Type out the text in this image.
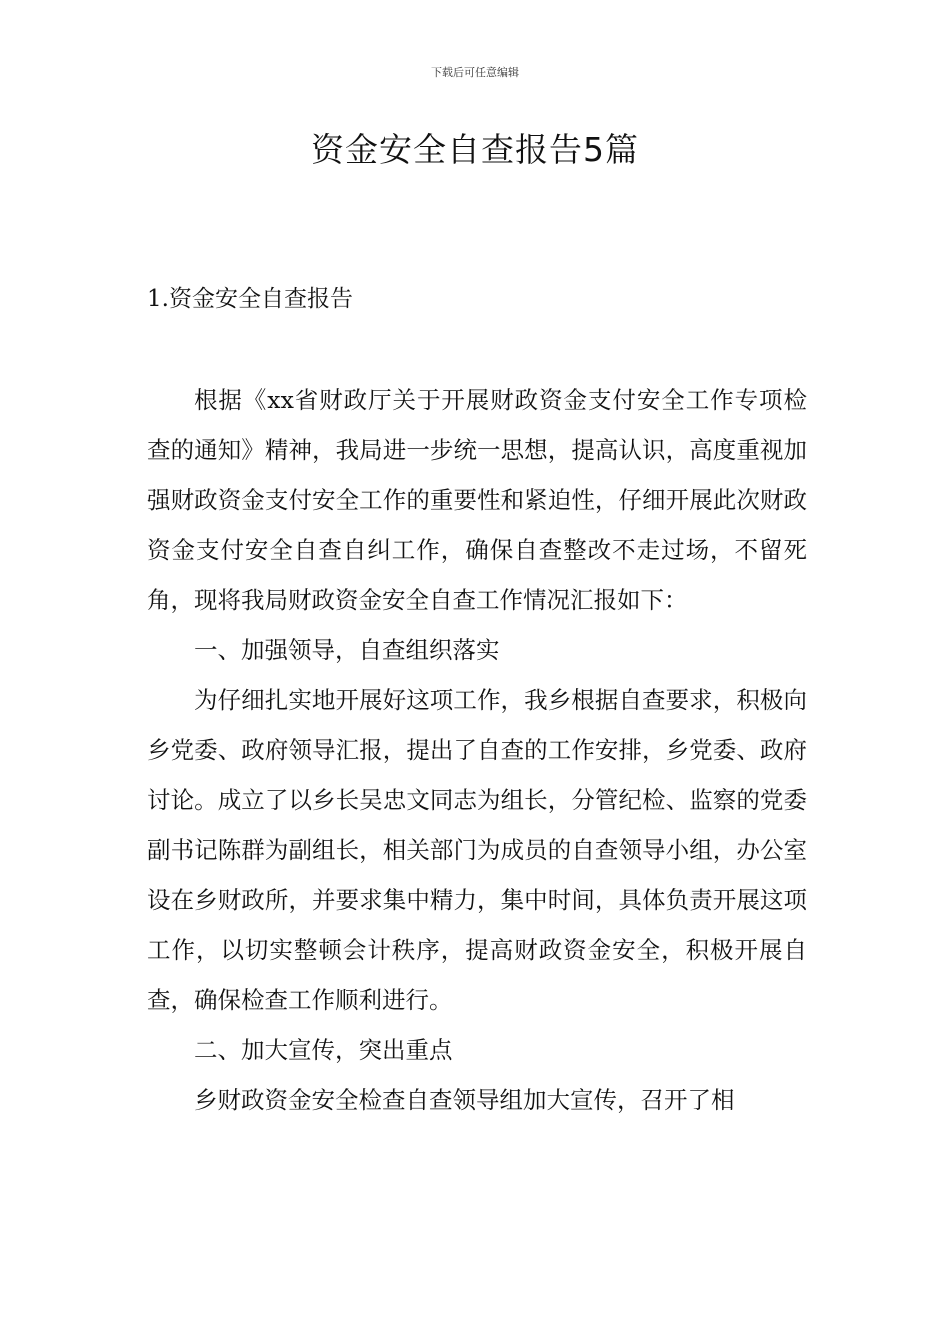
下载后可任意编辑
资金安全自查报告5篇
1.资金安全自查报告

根据《xx省财政厅关于开展财政资金支付安全工作专项检查的通知》精神，我局进一步统一思想，提高认识，高度重视加强财政资金支付安全工作的重要性和紧迫性，仔细开展此次财政资金支付安全自查自纠工作，确保自查整改不走过场，不留死角，现将我局财政资金安全自查工作情况汇报如下：

一、加强领导，自查组织落实

为仔细扎实地开展好这项工作，我乡根据自查要求，积极向乡党委、政府领导汇报，提出了自查的工作安排，乡党委、政府讨论。成立了以乡长吴忠文同志为组长，分管纪检、监察的党委副书记陈群为副组长，相关部门为成员的自查领导小组，办公室设在乡财政所，并要求集中精力，集中时间，具体负责开展这项工作，以切实整顿会计秩序，提高财政资金安全，积极开展自查，确保检查工作顺利进行。

二、加大宣传，突出重点

乡财政资金安全检查自查领导组加大宣传，召开了相
